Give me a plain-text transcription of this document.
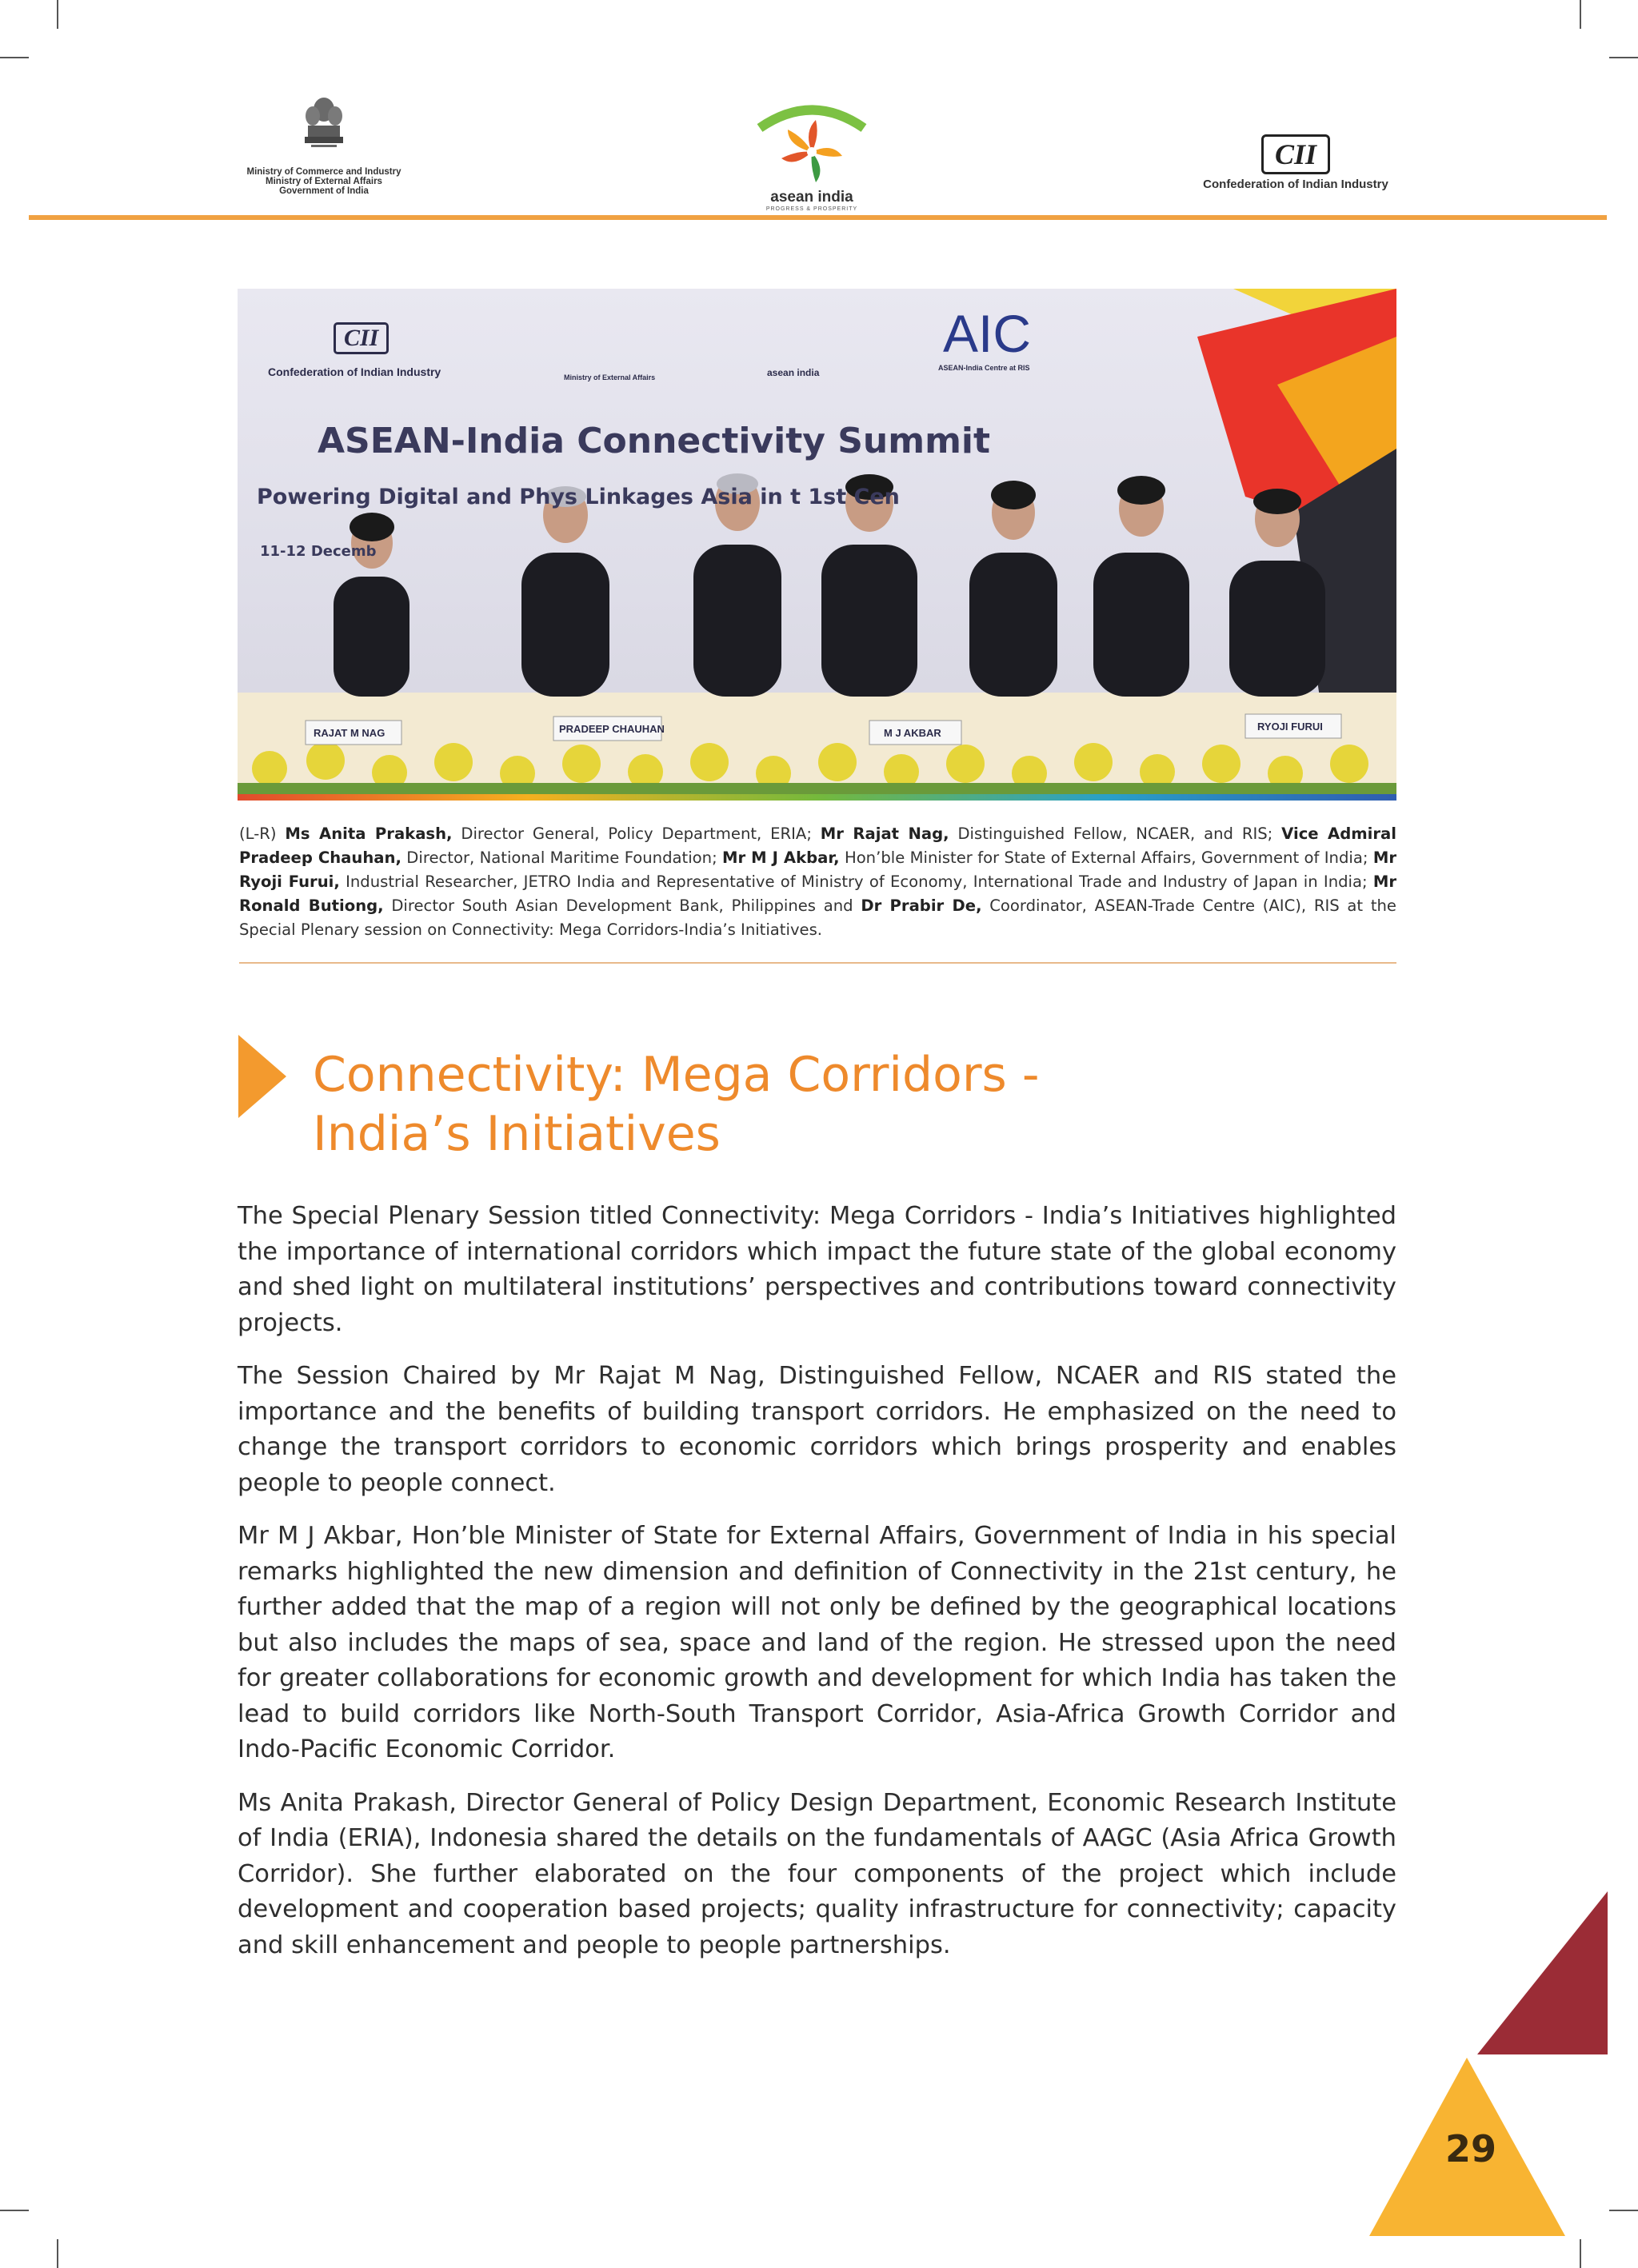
Ministry of Commerce and Industry
Ministry of External Affairs
Government of India	asean india
PROGRESS & PROSPERITY
CII
Confederation of Indian Industry
CII
Confederation of Indian Industry	Ministry of External Affairs	asean india
AIC
ASEAN-India Centre at RIS
ASEAN-India Connectivity Summit
Powering Digital and Phys Linkages Asia in t 1st Cen
11-12 Decemb
RAJAT M NAG	PRADEEP CHAUHAN	M J AKBAR
RYOJI FURUI
(L-R) Ms Anita Prakash, Director General, Policy Department, ERIA; Mr Rajat Nag, Distinguished Fellow, NCAER, and RIS; Vice Admiral Pradeep Chauhan, Director, National Maritime Foundation; Mr M J Akbar, Hon’ble Minister for State of External Affairs, Government of India; Mr Ryoji Furui, Industrial Researcher, JETRO India and Representative of Ministry of Economy, International Trade and Industry of Japan in India; Mr Ronald Butiong, Director South Asian Development Bank, Philippines and Dr Prabir De, Coordinator, ASEAN-Trade Centre (AIC), RIS at the Special Plenary session on Connectivity: Mega Corridors-India’s Initiatives.
Connectivity: Mega Corridors -
India’s Initiatives

The Special Plenary Session titled Connectivity: Mega Corridors - India’s Initiatives highlighted the importance of international corridors which impact the future state of the global economy and shed light on multilateral institutions’ perspectives and contributions toward connectivity projects.

The Session Chaired by Mr Rajat M Nag, Distinguished Fellow, NCAER and RIS stated the importance and the benefits of building transport corridors. He emphasized on the need to change the transport corridors to economic corridors which brings prosperity and enables people to people connect.

Mr M J Akbar, Hon’ble Minister of State for External Affairs, Government of India in his special remarks highlighted the new dimension and definition of Connectivity in the 21st century, he further added that the map of a region will not only be defined by the geographical locations but also includes the maps of sea, space and land of the region. He stressed upon the need for greater collaborations for economic growth and development for which India has taken the lead to build corridors like North-South Transport Corridor, Asia-Africa Growth Corridor and Indo-Pacific Economic Corridor.

Ms Anita Prakash, Director General of Policy Design Department, Economic Research Institute of India (ERIA), Indonesia shared the details on the fundamentals of AAGC (Asia Africa Growth Corridor). She further elaborated on the four components of the project which include development and cooperation based projects; quality infrastructure for connectivity; capacity and skill enhancement and people to people partnerships.

29
